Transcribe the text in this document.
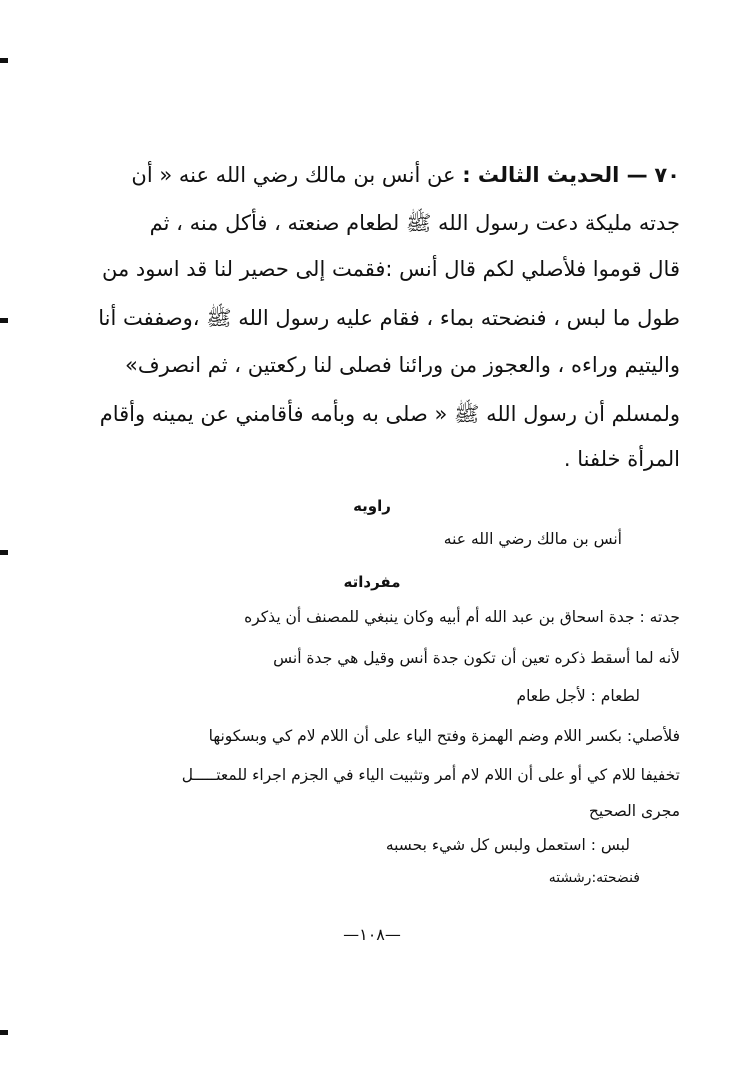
٧٠ — الحديث الثالث : عن أنس بن مالك رضي الله عنه « أن
جدته مليكة دعت رسول الله ﷺ لطعام صنعته ، فأكل منه ، ثم
قال قوموا فلأصلي لكم قال أنس :فقمت إلى حصير لنا قد اسود من
طول ما لبس ، فنضحته بماء ، فقام عليه رسول الله ﷺ ،وصففت أنا
واليتيم وراءه ، والعجوز من ورائنا فصلى لنا ركعتين ، ثم انصرف»
ولمسلم أن رسول الله ﷺ « صلى به وبأمه فأقامني عن يمينه وأقام
المرأة خلفنا .
راويه
أنس بن مالك رضي الله عنه
مفرداته
جدته : جدة اسحاق بن عبد الله أم أبيه وكان ينبغي للمصنف أن يذكره
لأنه لما أسقط ذكره تعين أن تكون جدة أنس وقيل هي جدة أنس
لطعام : لأجل طعام
فلأصلي: بكسر اللام وضم الهمزة وفتح الياء على أن اللام لام كي وبسكونها
تخفيفا للام كي أو على أن اللام لام أمر وتثبيت الياء في الجزم اجراء للمعتـــــل
مجرى الصحيح
لبس : استعمل ولبس كل شيء بحسبه
فنضحته:رششته
—١٠٨—
